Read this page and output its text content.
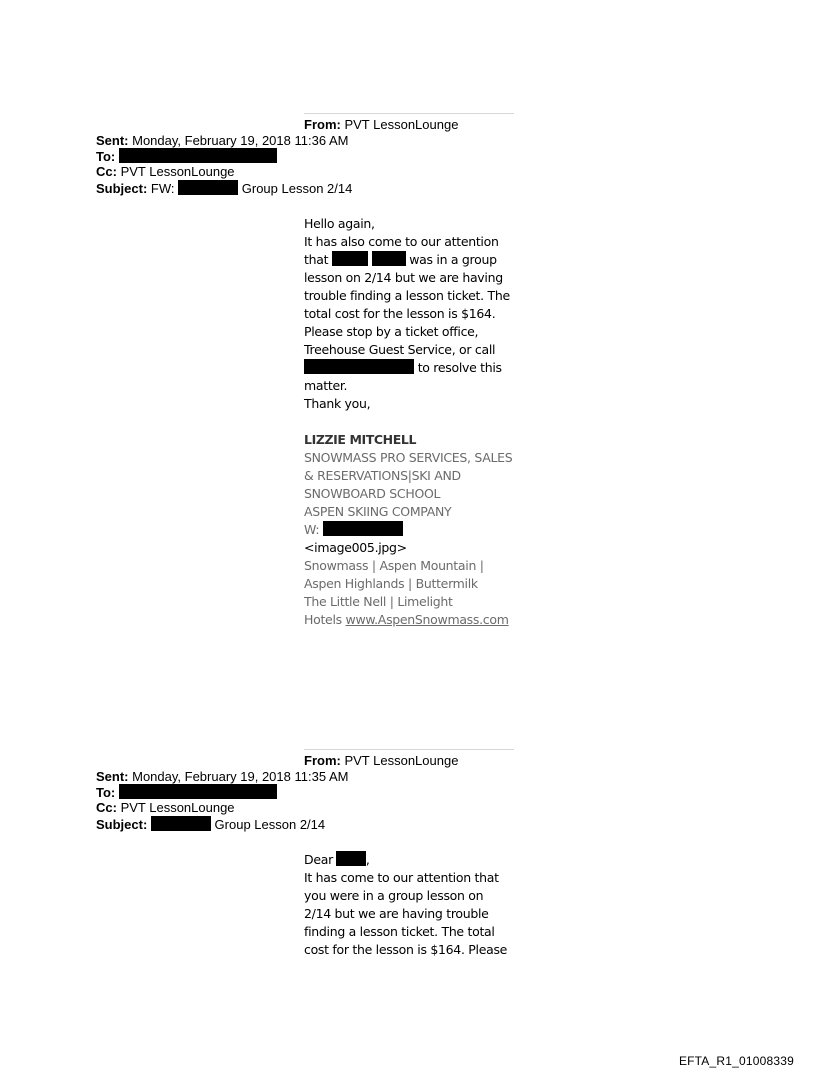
From: PVT LessonLounge
Sent: Monday, February 19, 2018 11:36 AM
To:
Cc: PVT LessonLounge
Subject: FW:	Group Lesson 2/14
Hello again,
It has also come to our attention
that	was in a group
lesson on 2/14 but we are having
trouble finding a lesson ticket. The
total cost for the lesson is $164.
Please stop by a ticket office,
Treehouse Guest Service, or call
to resolve this
matter.
Thank you,
LIZZIE MITCHELL
SNOWMASS PRO SERVICES, SALES
& RESERVATIONS|SKI AND
SNOWBOARD SCHOOL
ASPEN SKIING COMPANY
W:
<image005.jpg>
Snowmass | Aspen Mountain |
Aspen Highlands | Buttermilk
The Little Nell | Limelight
Hotels www.AspenSnowmass.com
From: PVT LessonLounge
Sent: Monday, February 19, 2018 11:35 AM
To:
Cc: PVT LessonLounge
Subject:	Group Lesson 2/14
Dear	,
It has come to our attention that
you were in a group lesson on
2/14 but we are having trouble
finding a lesson ticket. The total
cost for the lesson is $164. Please
EFTA_R1_01008339
